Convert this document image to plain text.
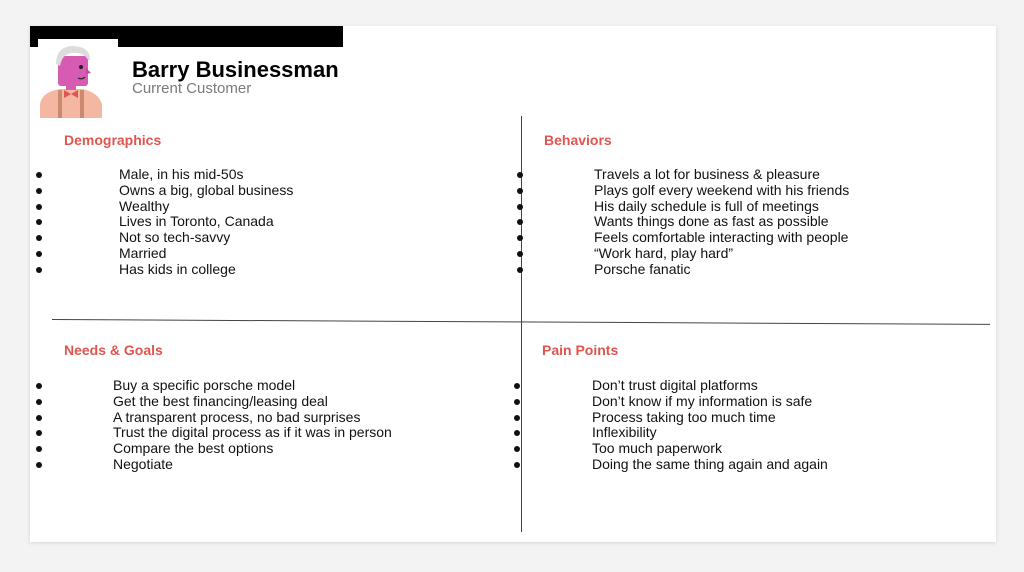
Barry Businessman
Current Customer
Demographics
Male, in his mid-50s
Owns a big, global business
Wealthy
Lives in Toronto, Canada
Not so tech-savvy
Married
Has kids in college
Behaviors
Travels a lot for business & pleasure
Plays golf every weekend with his friends
His daily schedule is full of meetings
Wants things done as fast as possible
Feels comfortable interacting with people
“Work hard, play hard”
Porsche fanatic
Needs & Goals
Buy a specific porsche model
Get the best financing/leasing deal
A transparent process, no bad surprises
Trust the digital process as if it was in person
Compare the best options
Negotiate
Pain Points
Don’t trust digital platforms
Don’t know if my information is safe
Process taking too much time
Inflexibility
Too much paperwork
Doing the same thing again and again
